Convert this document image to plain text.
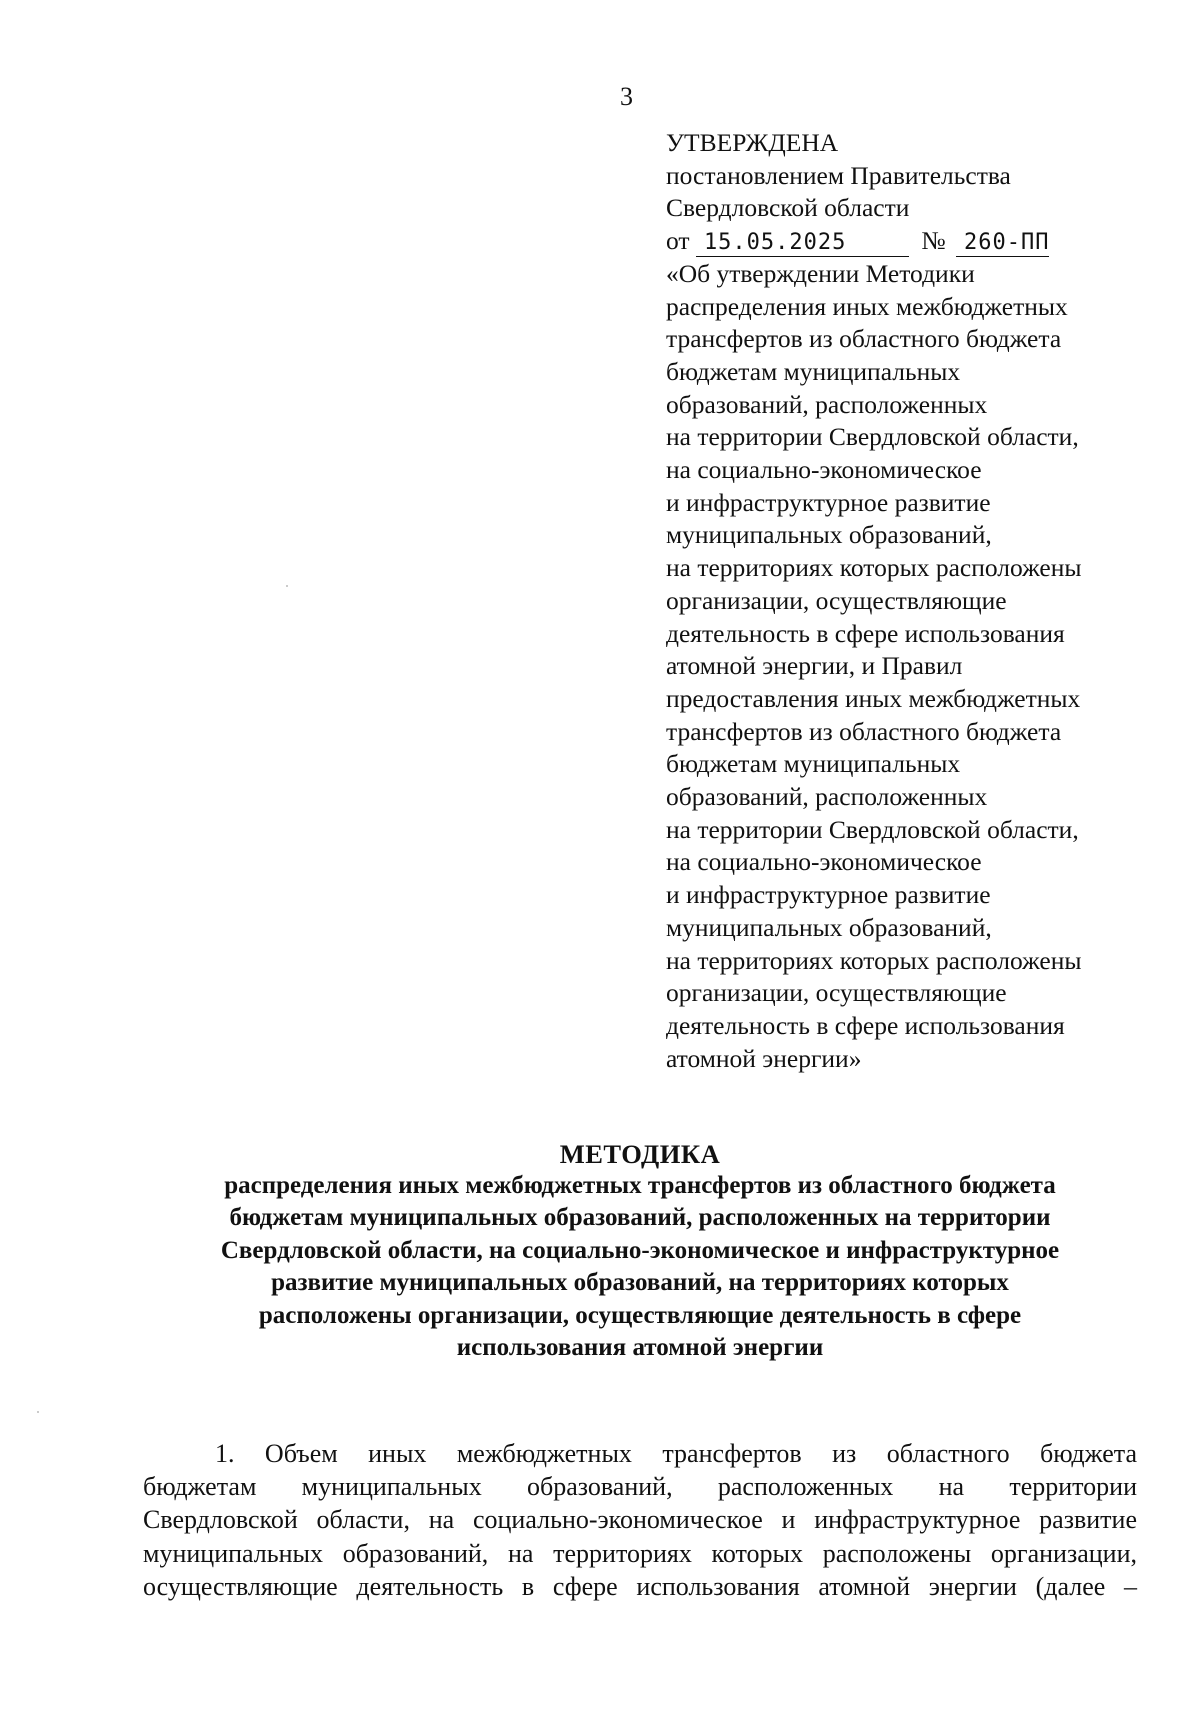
3
УТВЕРЖДЕНА
постановлением Правительства
Свердловской области
от 15.05.2025	№ 260-ПП
«Об утверждении Методики
распределения иных межбюджетных
трансфертов из областного бюджета
бюджетам муниципальных
образований, расположенных
на территории Свердловской области,
на социально-экономическое
и инфраструктурное развитие
муниципальных образований,
на территориях которых расположены
организации, осуществляющие
деятельность в сфере использования
атомной энергии, и Правил
предоставления иных межбюджетных
трансфертов из областного бюджета
бюджетам муниципальных
образований, расположенных
на территории Свердловской области,
на социально-экономическое
и инфраструктурное развитие
муниципальных образований,
на территориях которых расположены
организации, осуществляющие
деятельность в сфере использования
атомной энергии»
МЕТОДИКА
распределения иных межбюджетных трансфертов из областного бюджета
бюджетам муниципальных образований, расположенных на территории
Свердловской области, на социально-экономическое и инфраструктурное
развитие муниципальных образований, на территориях которых
расположены организации, осуществляющие деятельность в сфере
использования атомной энергии
1. Объем иных межбюджетных трансфертов из областного бюджета
бюджетам муниципальных образований, расположенных на территории
Свердловской области, на социально-экономическое и инфраструктурное развитие
муниципальных образований, на территориях которых расположены организации,
осуществляющие деятельность в сфере использования атомной энергии (далее –
